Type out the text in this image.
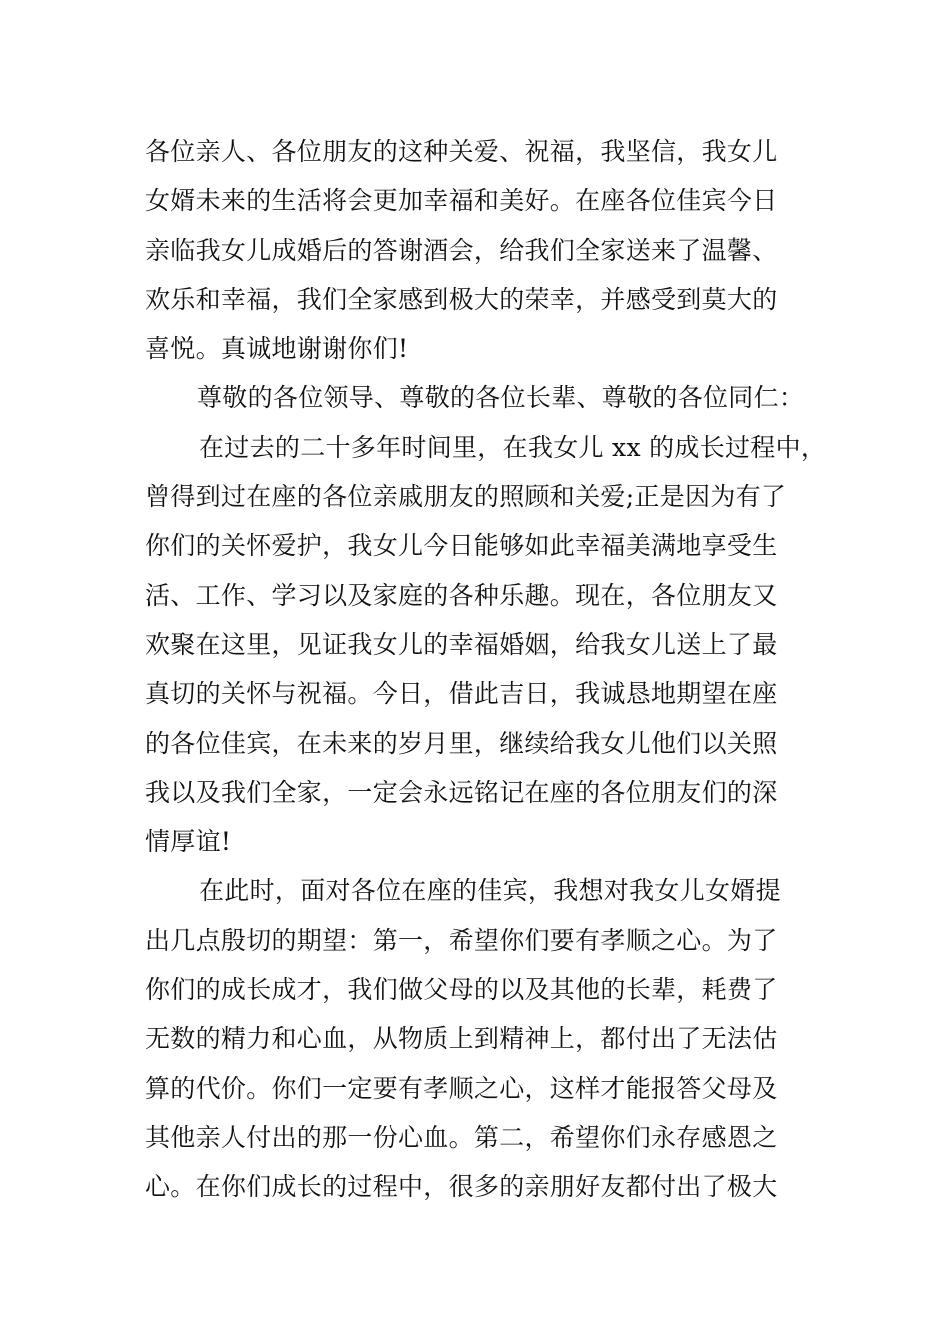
各位亲人、各位朋友的这种关爱、祝福，我坚信，我女儿
女婿未来的生活将会更加幸福和美好。在座各位佳宾今日
亲临我女儿成婚后的答谢酒会，给我们全家送来了温馨、
欢乐和幸福，我们全家感到极大的荣幸，并感受到莫大的
喜悦。真诚地谢谢你们!
尊敬的各位领导、尊敬的各位长辈、尊敬的各位同仁：
在过去的二十多年时间里，在我女儿 xx 的成长过程中，
曾得到过在座的各位亲戚朋友的照顾和关爱;正是因为有了
你们的关怀爱护，我女儿今日能够如此幸福美满地享受生
活、工作、学习以及家庭的各种乐趣。现在，各位朋友又
欢聚在这里，见证我女儿的幸福婚姻，给我女儿送上了最
真切的关怀与祝福。今日，借此吉日，我诚恳地期望在座
的各位佳宾，在未来的岁月里，继续给我女儿他们以关照
我以及我们全家，一定会永远铭记在座的各位朋友们的深
情厚谊!
在此时，面对各位在座的佳宾，我想对我女儿女婿提
出几点殷切的期望：第一，希望你们要有孝顺之心。为了
你们的成长成才，我们做父母的以及其他的长辈，耗费了
无数的精力和心血，从物质上到精神上，都付出了无法估
算的代价。你们一定要有孝顺之心，这样才能报答父母及
其他亲人付出的那一份心血。第二，希望你们永存感恩之
心。在你们成长的过程中，很多的亲朋好友都付出了极大
